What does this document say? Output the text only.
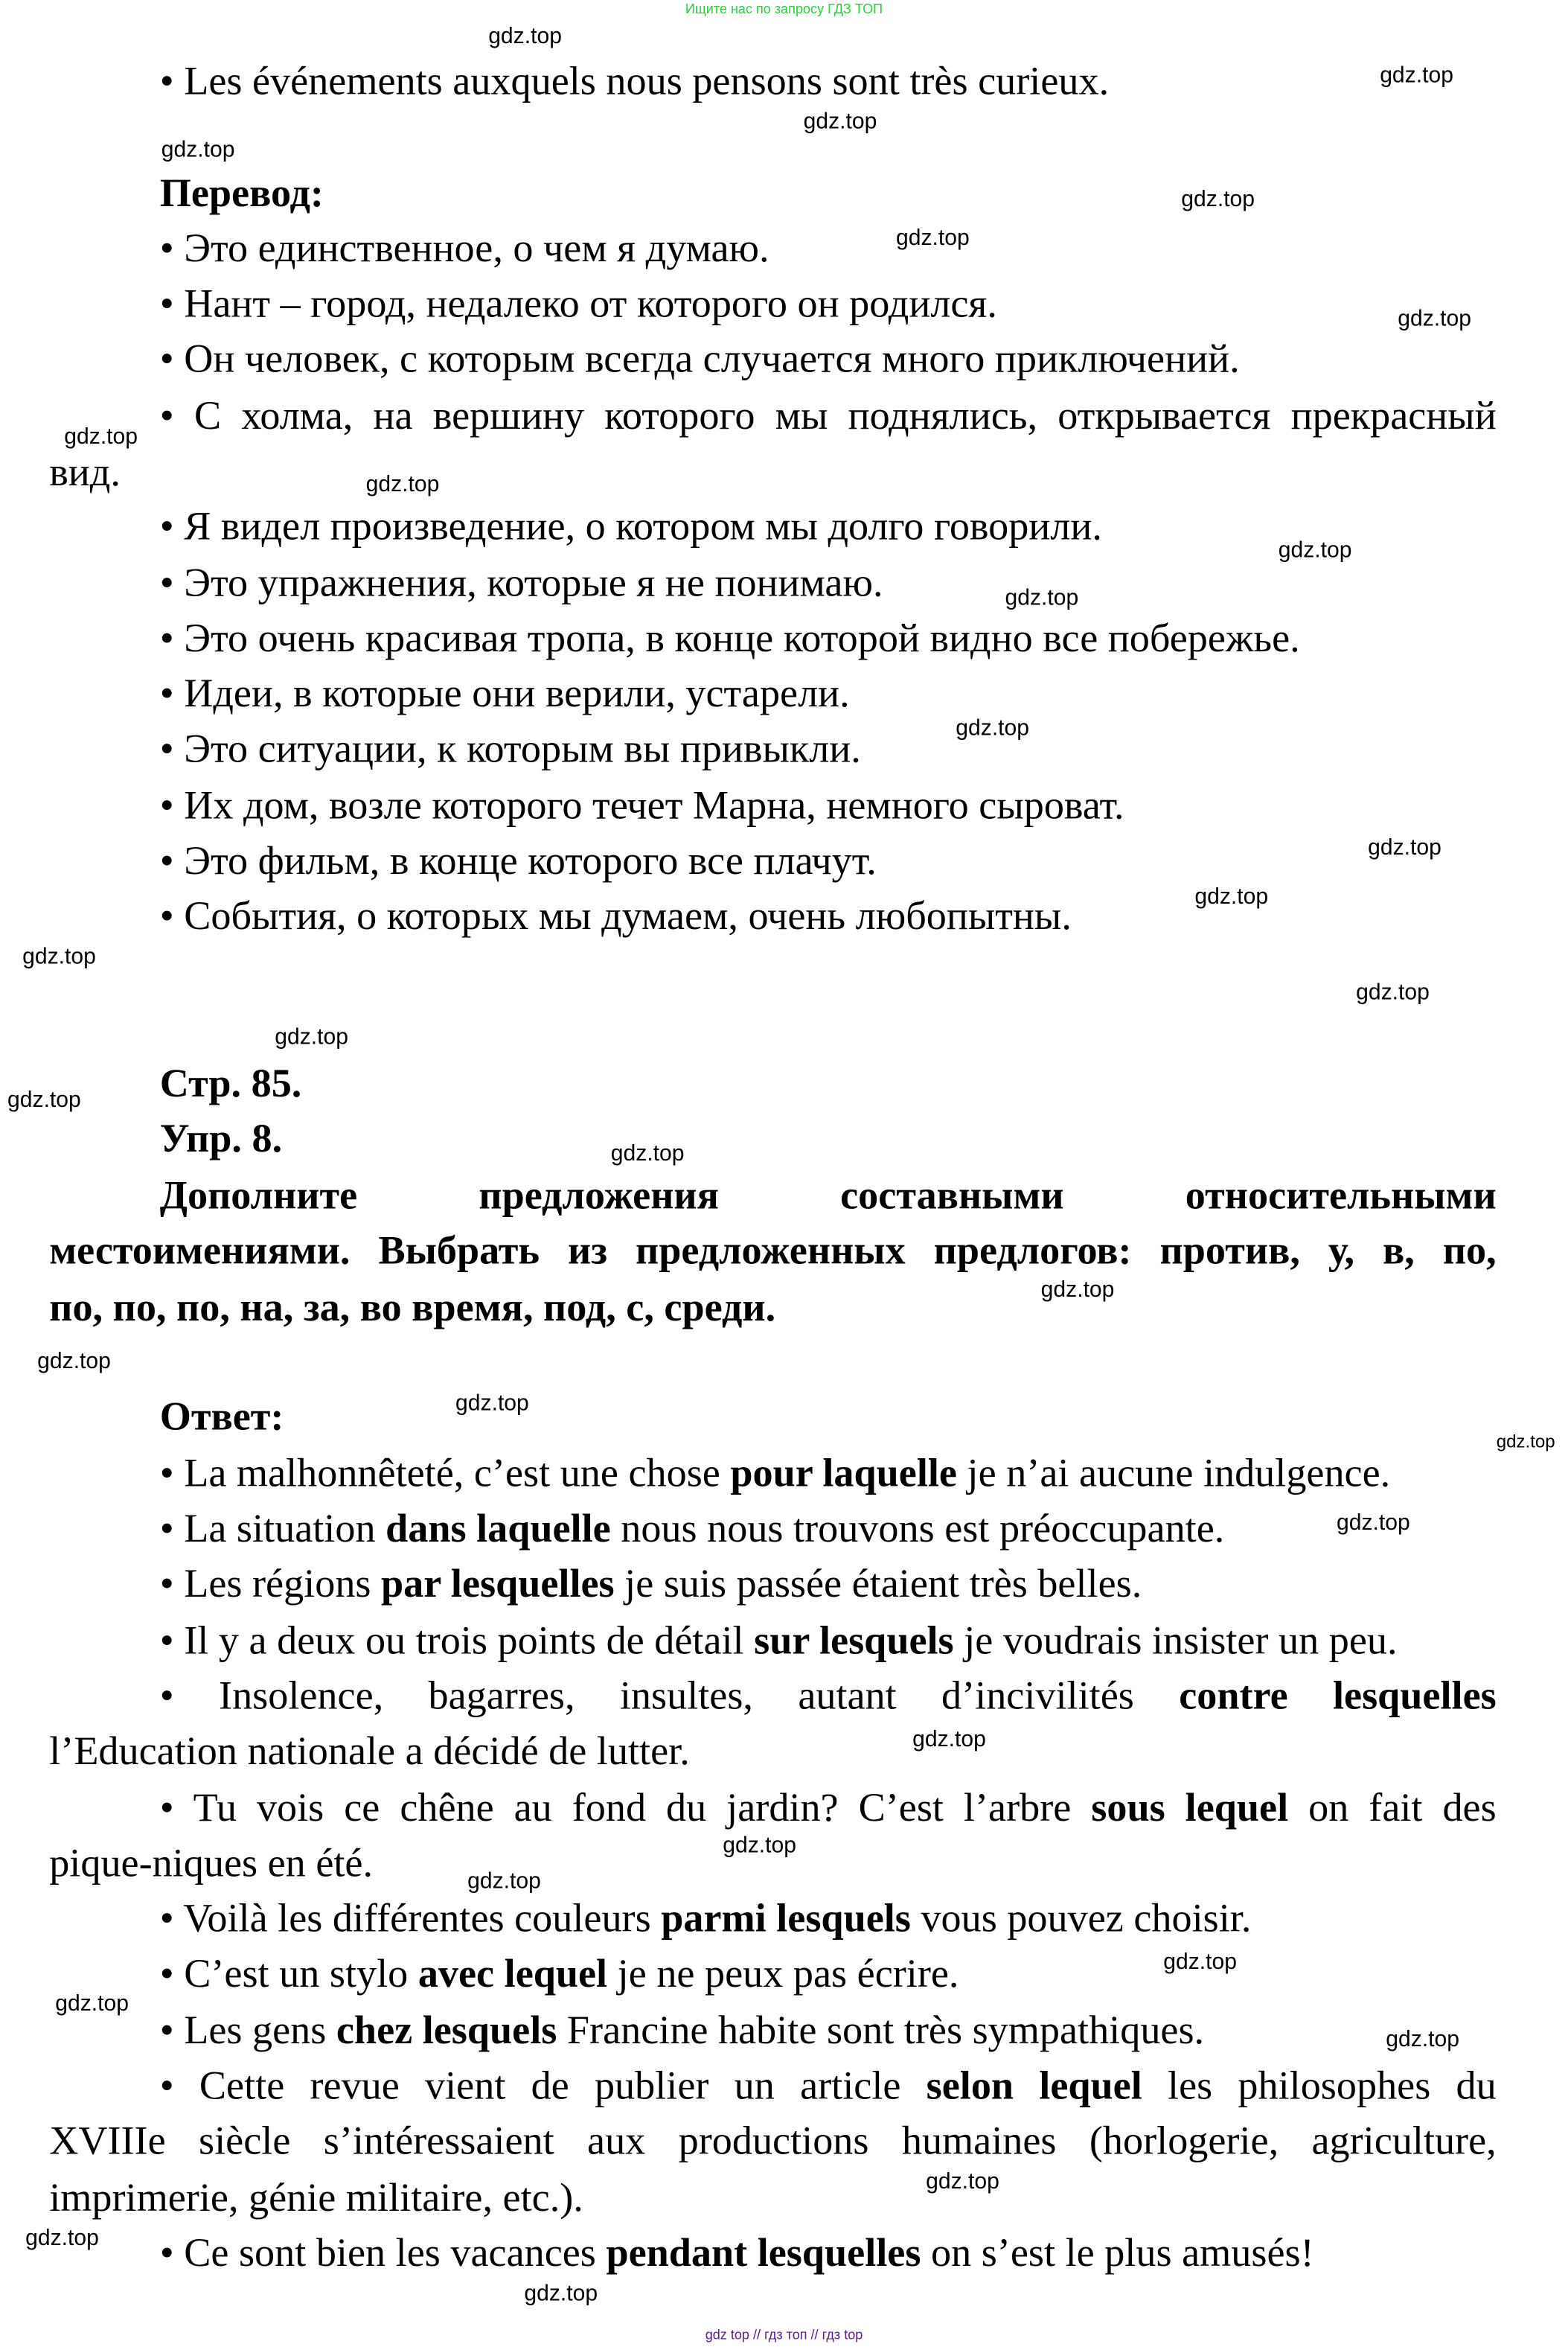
Ищите нас по запросу ГДЗ ТОП
• Les événements auxquels nous pensons sont très curieux.
Перевод:
• Это единственное, о чем я думаю.
• Нант – город, недалеко от которого он родился.
• Он человек, с которым всегда случается много приключений.
• С холма, на вершину которого мы поднялись, открывается прекрасный
вид.
• Я видел произведение, о котором мы долго говорили.
• Это упражнения, которые я не понимаю.
• Это очень красивая тропа, в конце которой видно все побережье.
• Идеи, в которые они верили, устарели.
• Это ситуации, к которым вы привыкли.
• Их дом, возле которого течет Марна, немного сыроват.
• Это фильм, в конце которого все плачут.
• События, о которых мы думаем, очень любопытны.
Стр. 85.
Упр. 8.
Дополните предложения составными относительными
местоимениями. Выбрать из предложенных предлогов: против, у, в, по,
по, по, по, на, за, во время, под, с, среди.
Ответ:
• La malhonnêteté, c’est une chose pour laquelle je n’ai aucune indulgence.
• La situation dans laquelle nous nous trouvons est préoccupante.
• Les régions par lesquelles je suis passée étaient très belles.
• Il y a deux ou trois points de détail sur lesquels je voudrais insister un peu.
• Insolence, bagarres, insultes, autant d’incivilités contre lesquelles
l’Education nationale a décidé de lutter.
• Tu vois ce chêne au fond du jardin? C’est l’arbre sous lequel on fait des
pique-niques en été.
• Voilà les différentes couleurs parmi lesquels vous pouvez choisir.
• C’est un stylo avec lequel je ne peux pas écrire.
• Les gens chez lesquels Francine habite sont très sympathiques.
• Cette revue vient de publier un article selon lequel les philosophes du
XVIIIe siècle s’intéressaient aux productions humaines (horlogerie, agriculture,
imprimerie, génie militaire, etc.).
• Ce sont bien les vacances pendant lesquelles on s’est le plus amusés!
gdz.top
gdz.top
gdz.top
gdz.top
gdz.top
gdz.top
gdz.top
gdz.top
gdz.top
gdz.top
gdz.top
gdz.top
gdz.top
gdz.top
gdz.top
gdz.top
gdz.top
gdz.top
gdz.top
gdz.top
gdz.top
gdz.top
gdz.top
gdz.top
gdz.top
gdz.top
gdz.top
gdz.top
gdz.top
gdz.top
gdz.top
gdz.top
gdz.top
gdz top // гдз топ // гдз top
